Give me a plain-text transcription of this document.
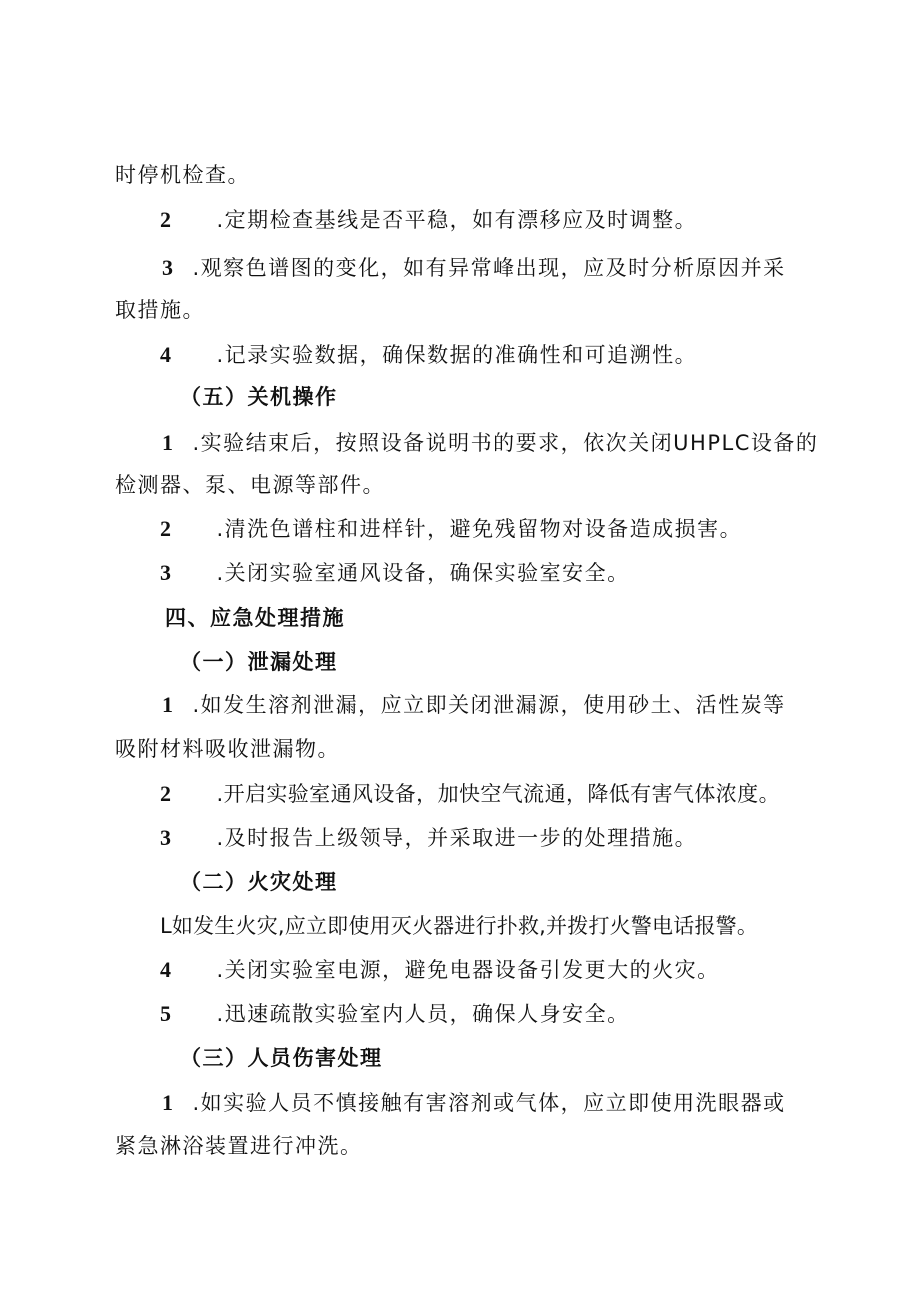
时停机检查。
2 .定期检查基线是否平稳，如有漂移应及时调整。
3 .观察色谱图的变化，如有异常峰出现，应及时分析原因并采
取措施。
4 .记录实验数据，确保数据的准确性和可追溯性。
（五）关机操作
1 .实验结束后，按照设备说明书的要求，依次关闭UHPLC设备的
检测器、泵、电源等部件。
2 .清洗色谱柱和进样针，避免残留物对设备造成损害。
3 .关闭实验室通风设备，确保实验室安全。
四、应急处理措施
（一）泄漏处理
1 .如发生溶剂泄漏，应立即关闭泄漏源，使用砂土、活性炭等
吸附材料吸收泄漏物。
2 .开启实验室通风设备，加快空气流通，降低有害气体浓度。
3 .及时报告上级领导，并采取进一步的处理措施。
（二）火灾处理
L如发生火灾,应立即使用灭火器进行扑救,并拨打火警电话报警。
4 .关闭实验室电源，避免电器设备引发更大的火灾。
5 .迅速疏散实验室内人员，确保人身安全。
（三）人员伤害处理
1 .如实验人员不慎接触有害溶剂或气体，应立即使用洗眼器或
紧急淋浴装置进行冲洗。
